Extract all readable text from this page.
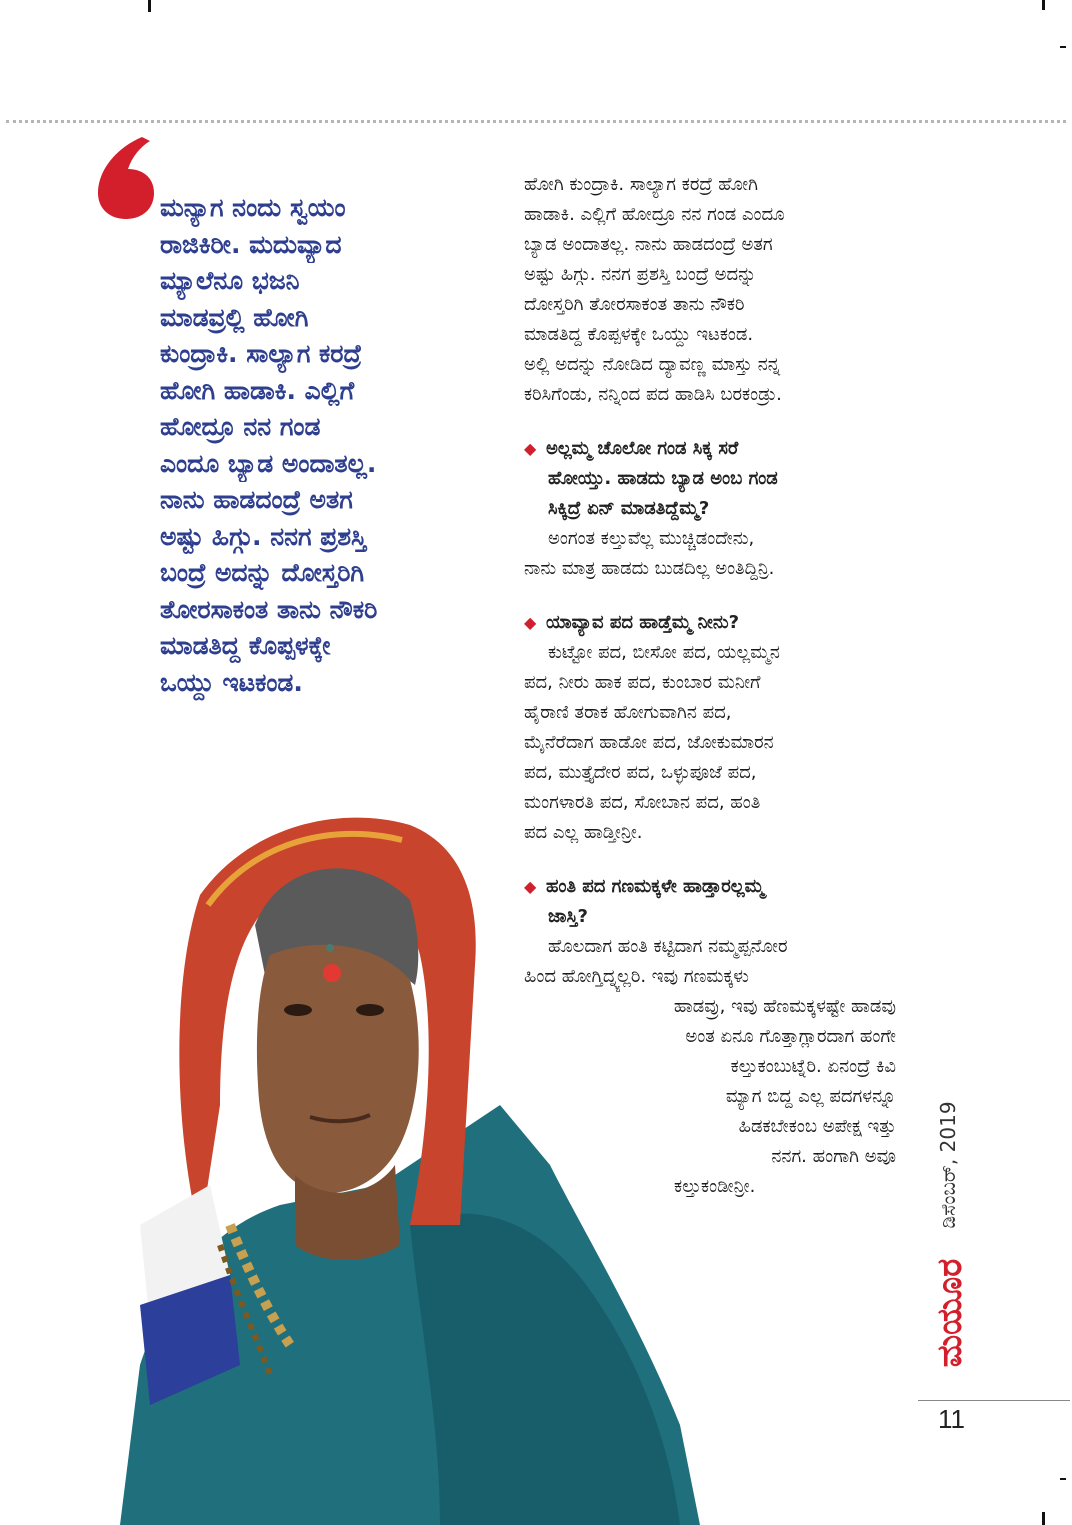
ಮನ್ಯಾಗ ನಂದು ಸ್ವಯಂ
ರಾಜಿಕಿರೀ. ಮದುವ್ಯಾದ
ಮ್ಯಾಲೆನೂ ಭಜನಿ
ಮಾಡವ್ರಲ್ಲಿ ಹೋಗಿ
ಕುಂದ್ರಾಕಿ. ಸಾಲ್ಯಾಗ ಕರದ್ರೆ
ಹೋಗಿ ಹಾಡಾಕಿ. ಎಲ್ಲಿಗೆ
ಹೋದ್ರೂ ನನ ಗಂಡ
ಎಂದೂ ಬ್ಯಾಡ ಅಂದಾತಲ್ಲ.
ನಾನು ಹಾಡದಂದ್ರೆ ಅತಗ
ಅಷ್ಟು ಹಿಗ್ಗು. ನನಗ ಪ್ರಶಸ್ತಿ
ಬಂದ್ರೆ ಅದನ್ನು ದೋಸ್ತರಿಗಿ
ತೋರಸಾಕಂತ ತಾನು ನೌಕರಿ
ಮಾಡತಿದ್ದ ಕೊಪ್ಪಳಕ್ಕೇ
ಒಯ್ದು ಇಟಕಂಡ.
ಹೋಗಿ ಕುಂದ್ರಾಕಿ. ಸಾಲ್ಯಾಗ ಕರದ್ರೆ ಹೋಗಿ
ಹಾಡಾಕಿ. ಎಲ್ಲಿಗೆ ಹೋದ್ರೂ ನನ ಗಂಡ ಎಂದೂ
ಬ್ಯಾಡ ಅಂದಾತಲ್ಲ. ನಾನು ಹಾಡದಂದ್ರೆ ಅತಗ
ಅಷ್ಟು ಹಿಗ್ಗು. ನನಗ ಪ್ರಶಸ್ತಿ ಬಂದ್ರೆ ಅದನ್ನು
ದೋಸ್ತರಿಗಿ ತೋರಸಾಕಂತ ತಾನು ನೌಕರಿ
ಮಾಡತಿದ್ದ ಕೊಪ್ಪಳಕ್ಕೇ ಒಯ್ದು ಇಟಕಂಡ.
ಅಲ್ಲಿ ಅದನ್ನು ನೋಡಿದ ದ್ಯಾವಣ್ಣ ಮಾಸ್ತು ನನ್ನ
ಕರಿಸಿಗೆಂಡು, ನನ್ನಿಂದ ಪದ ಹಾಡಿಸಿ ಬರಕಂಡ್ರು.
◆ ಅಲ್ಲಮ್ಮ ಚೊಲೋ ಗಂಡ ಸಿಕ್ಕ ಸರೆ
ಹೋಯ್ತು. ಹಾಡದು ಬ್ಯಾಡ ಅಂಬ ಗಂಡ
ಸಿಕ್ಕಿದ್ರೆ ಏನ್ ಮಾಡತಿದ್ದೆಮ್ಮ?
ಅಂಗಂತ ಕಲ್ತುವೆಲ್ಲ ಮುಚ್ಚಿಡಂದೇನು,
ನಾನು ಮಾತ್ರ ಹಾಡದು ಬುಡದಿಲ್ಲ ಅಂತಿದ್ದಿನ್ರಿ.
◆ ಯಾವ್ಯಾವ ಪದ ಹಾಡ್ತೆಮ್ಮ ನೀನು?
ಕುಟ್ಟೋ ಪದ, ಬೀಸೋ ಪದ, ಯಲ್ಲಮ್ಮನ
ಪದ, ನೀರು ಹಾಕ ಪದ, ಕುಂಬಾರ ಮನೀಗೆ
ಹೈರಾಣಿ ತರಾಕ ಹೋಗುವಾಗಿನ ಪದ,
ಮೈನೆರೆದಾಗ ಹಾಡೋ ಪದ, ಜೋಕುಮಾರನ
ಪದ, ಮುತ್ತೈದೇರ ಪದ, ಒಳ್ಳುಪೂಜೆ ಪದ,
ಮಂಗಳಾರತಿ ಪದ, ಸೋಬಾನ ಪದ, ಹಂತಿ
ಪದ ಎಲ್ಲ ಹಾಡ್ತೀನ್ರೀ.
◆ ಹಂತಿ ಪದ ಗಣಮಕ್ಕಳೇ ಹಾಡ್ತಾರಲ್ಲಮ್ಮ
ಜಾಸ್ತಿ?
ಹೊಲದಾಗ ಹಂತಿ ಕಟ್ಟಿದಾಗ ನಮ್ಮಪ್ಪನೋರ
ಹಿಂದ ಹೋಗ್ತಿದ್ನ್ಯಲ್ಲರಿ. ಇವು ಗಣಮಕ್ಕಳು
ಹಾಡವ್ರು, ಇವು ಹೆಣಮಕ್ಕಳಷ್ಟೇ ಹಾಡವು
ಅಂತ ಏನೂ ಗೊತ್ತಾಗ್ಲಾರದಾಗ ಹಂಗೇ
ಕಲ್ತುಕಂಬುಟ್ನೆರಿ. ಏನಂದ್ರೆ ಕಿವಿ
ಮ್ಯಾಗ ಬಿದ್ದ ಎಲ್ಲ ಪದಗಳನ್ನೂ
ಹಿಡಕಬೇಕಂಬ ಅಪೇಕ್ಷ ಇತ್ತು
ನನಗ. ಹಂಗಾಗಿ ಅವೂ
ಕಲ್ತುಕಂಡೀನ್ರೀ.	ಡಿಸೆಂಬರ್, 2019
ಮಯೂರ
11
